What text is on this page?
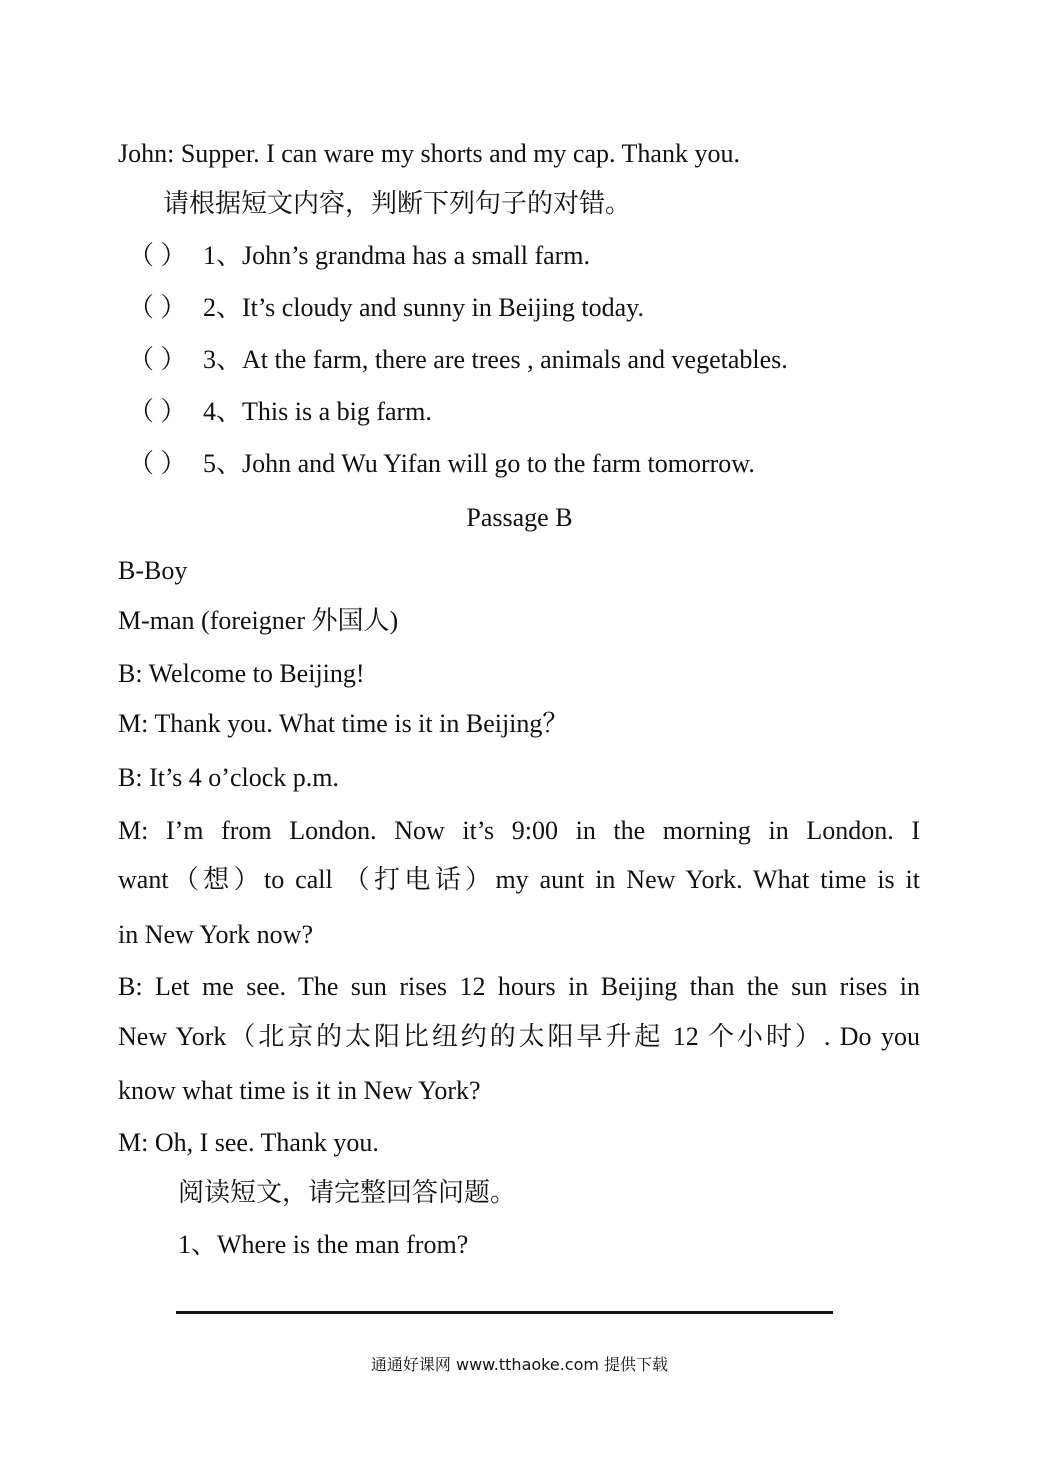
John: Supper. I can ware my shorts and my cap. Thank you.
请根据短文内容，判断下列句子的对错。
（ ） 1、John’s grandma has a small farm.
（ ） 2、It’s cloudy and sunny in Beijing today.
（ ） 3、At the farm, there are trees , animals and vegetables.
（ ） 4、This is a big farm.
（ ） 5、John and Wu Yifan will go to the farm tomorrow.
Passage B
B-Boy
M-man (foreigner 外国人)
B: Welcome to Beijing!
M: Thank you. What time is it in Beijing？
B: It’s 4 o’clock p.m.
M: I’m from London. Now it’s 9:00 in the morning in London. I
want（想）to call （打电话）my aunt in New York. What time is it
in New York now?
B: Let me see. The sun rises 12 hours in Beijing than the sun rises in
New York（北京的太阳比纽约的太阳早升起 12 个小时）. Do you
know what time is it in New York?
M: Oh, I see. Thank you.
阅读短文，请完整回答问题。
1、Where is the man from?
通通好课网 www.tthaoke.com 提供下载
